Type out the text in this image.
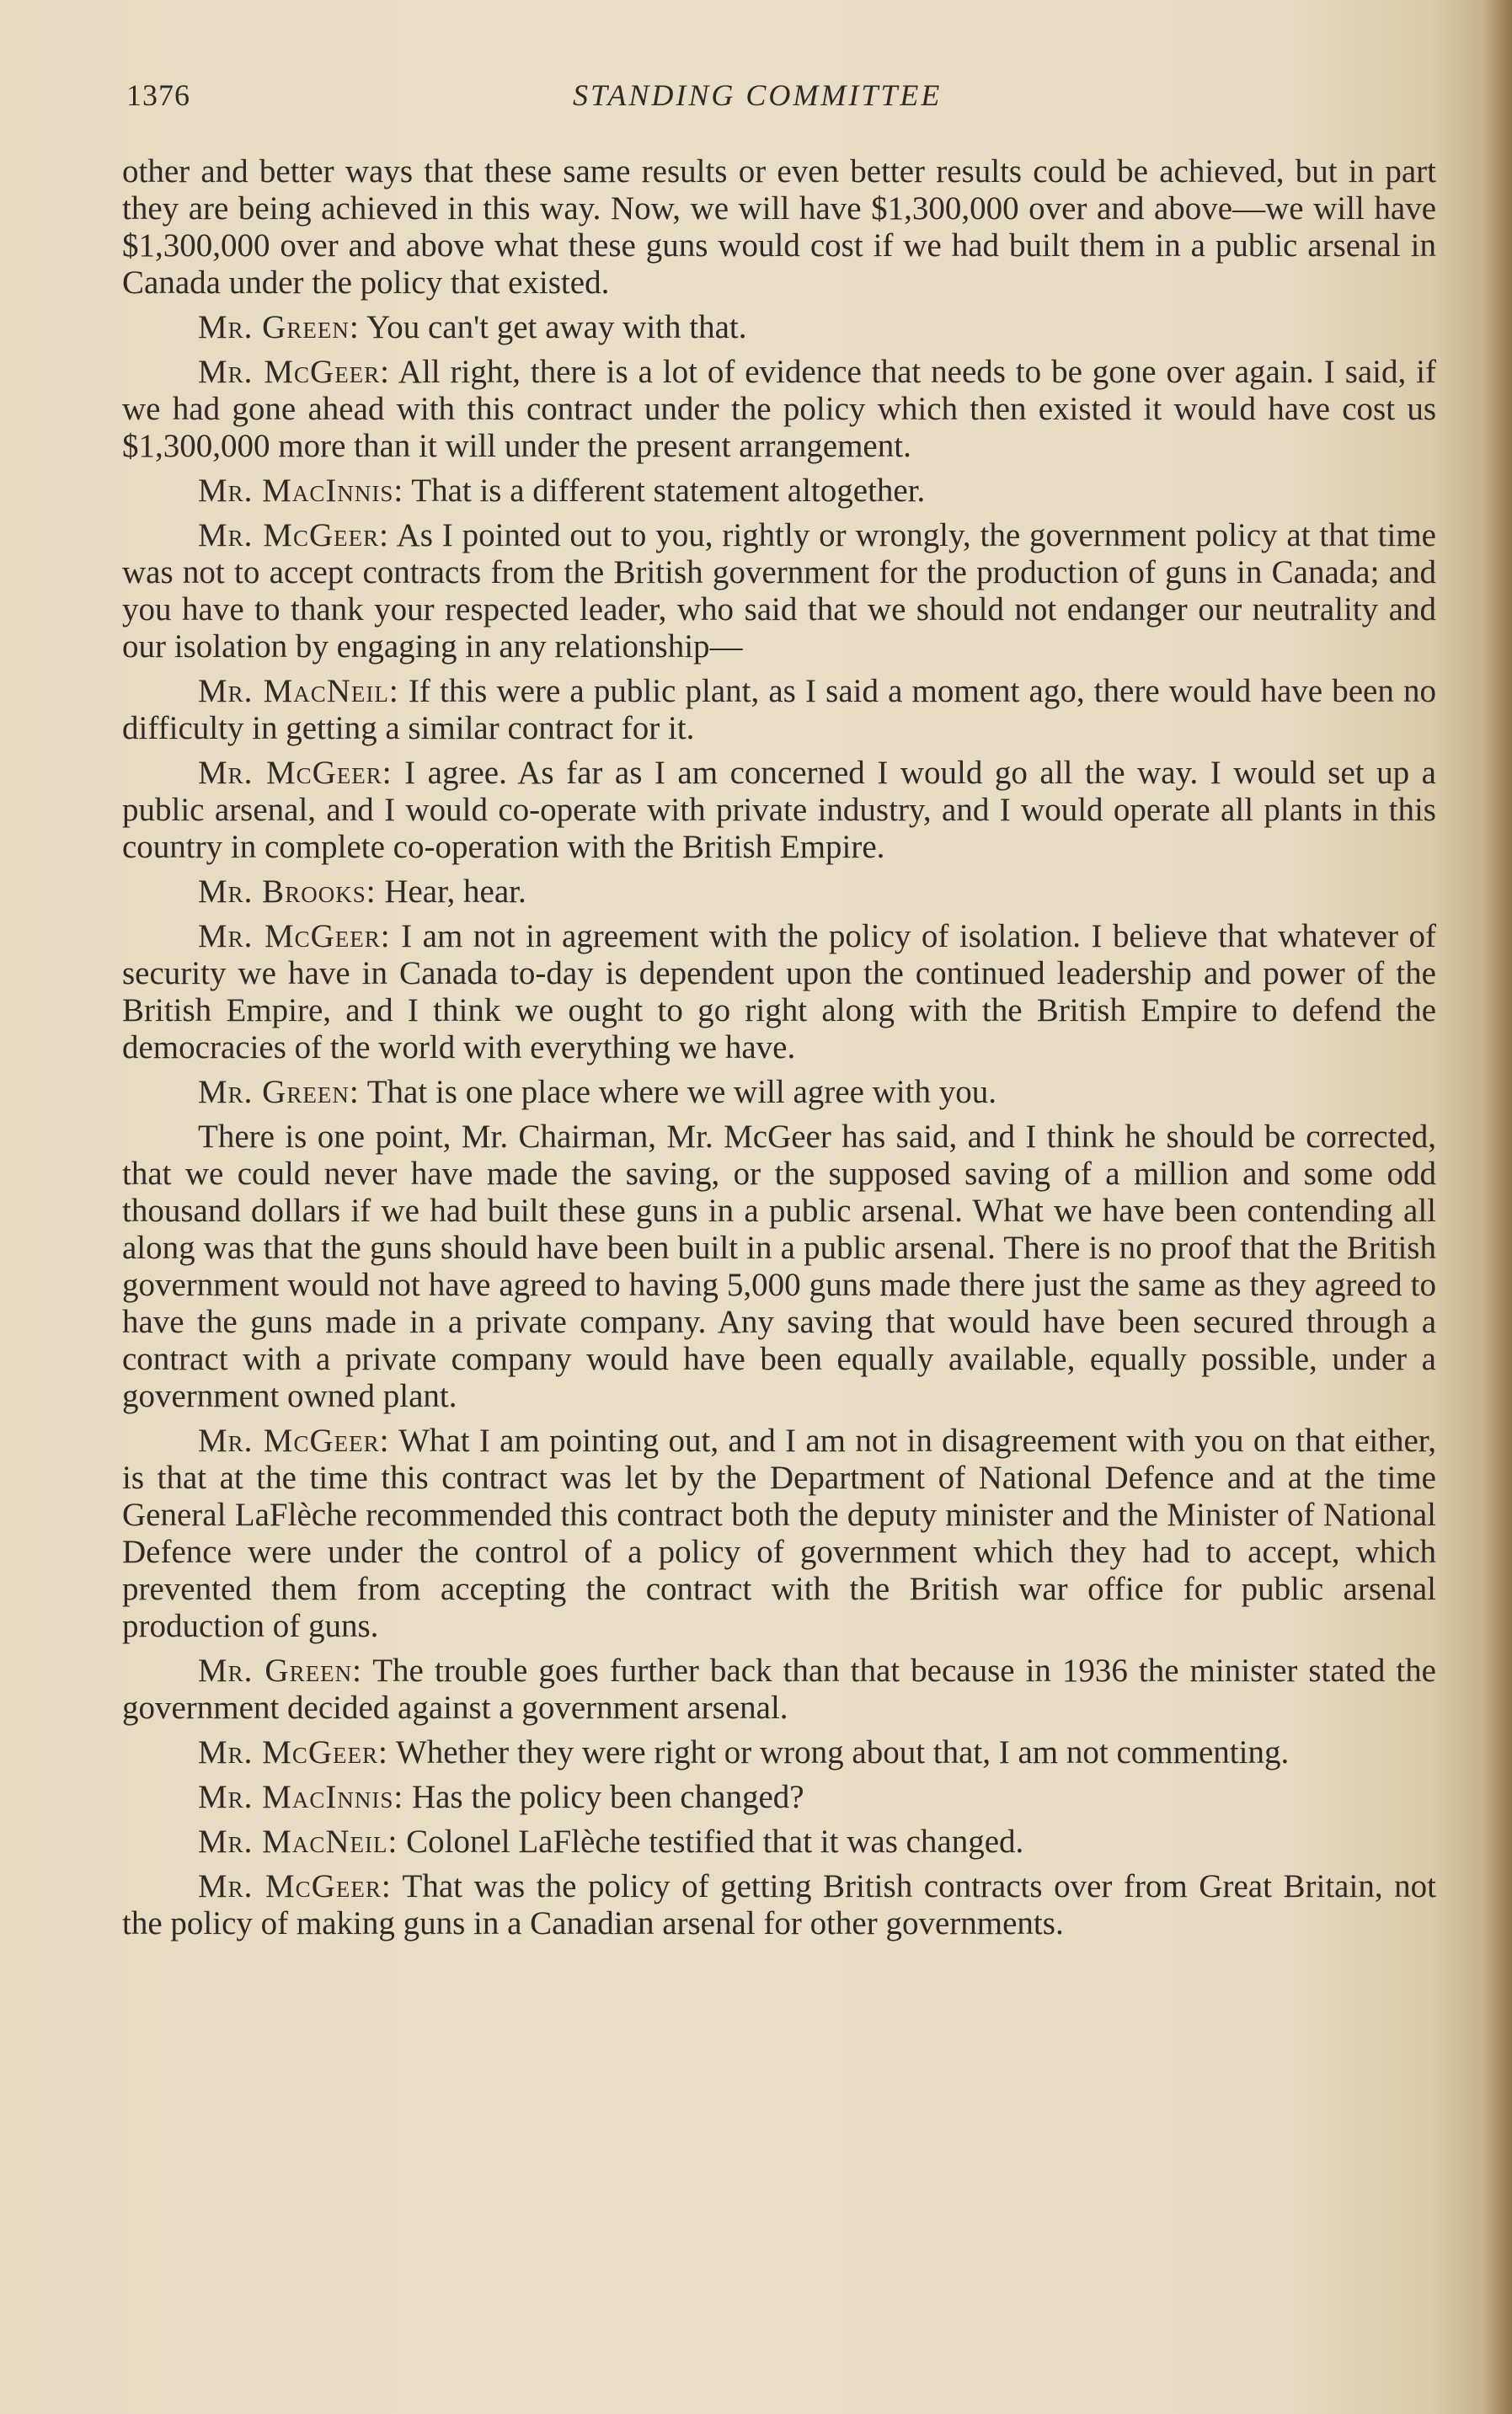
1376	STANDING COMMITTEE

other and better ways that these same results or even better results could be achieved, but in part they are being achieved in this way. Now, we will have $1,300,000 over and above—we will have $1,300,000 over and above what these guns would cost if we had built them in a public arsenal in Canada under the policy that existed.

Mr. Green: You can't get away with that.

Mr. McGeer: All right, there is a lot of evidence that needs to be gone over again. I said, if we had gone ahead with this contract under the policy which then existed it would have cost us $1,300,000 more than it will under the present arrangement.

Mr. MacInnis: That is a different statement altogether.

Mr. McGeer: As I pointed out to you, rightly or wrongly, the government policy at that time was not to accept contracts from the British government for the production of guns in Canada; and you have to thank your respected leader, who said that we should not endanger our neutrality and our isolation by engaging in any relationship—

Mr. MacNeil: If this were a public plant, as I said a moment ago, there would have been no difficulty in getting a similar contract for it.

Mr. McGeer: I agree. As far as I am concerned I would go all the way. I would set up a public arsenal, and I would co-operate with private industry, and I would operate all plants in this country in complete co-operation with the British Empire.

Mr. Brooks: Hear, hear.

Mr. McGeer: I am not in agreement with the policy of isolation. I believe that whatever of security we have in Canada to-day is dependent upon the continued leadership and power of the British Empire, and I think we ought to go right along with the British Empire to defend the democracies of the world with everything we have.

Mr. Green: That is one place where we will agree with you.

There is one point, Mr. Chairman, Mr. McGeer has said, and I think he should be corrected, that we could never have made the saving, or the supposed saving of a million and some odd thousand dollars if we had built these guns in a public arsenal. What we have been contending all along was that the guns should have been built in a public arsenal. There is no proof that the British government would not have agreed to having 5,000 guns made there just the same as they agreed to have the guns made in a private company. Any saving that would have been secured through a contract with a private company would have been equally available, equally possible, under a government owned plant.

Mr. McGeer: What I am pointing out, and I am not in disagreement with you on that either, is that at the time this contract was let by the Department of National Defence and at the time General LaFlèche recommended this contract both the deputy minister and the Minister of National Defence were under the control of a policy of government which they had to accept, which prevented them from accepting the contract with the British war office for public arsenal production of guns.

Mr. Green: The trouble goes further back than that because in 1936 the minister stated the government decided against a government arsenal.

Mr. McGeer: Whether they were right or wrong about that, I am not commenting.

Mr. MacInnis: Has the policy been changed?

Mr. MacNeil: Colonel LaFlèche testified that it was changed.

Mr. McGeer: That was the policy of getting British contracts over from Great Britain, not the policy of making guns in a Canadian arsenal for other governments.
